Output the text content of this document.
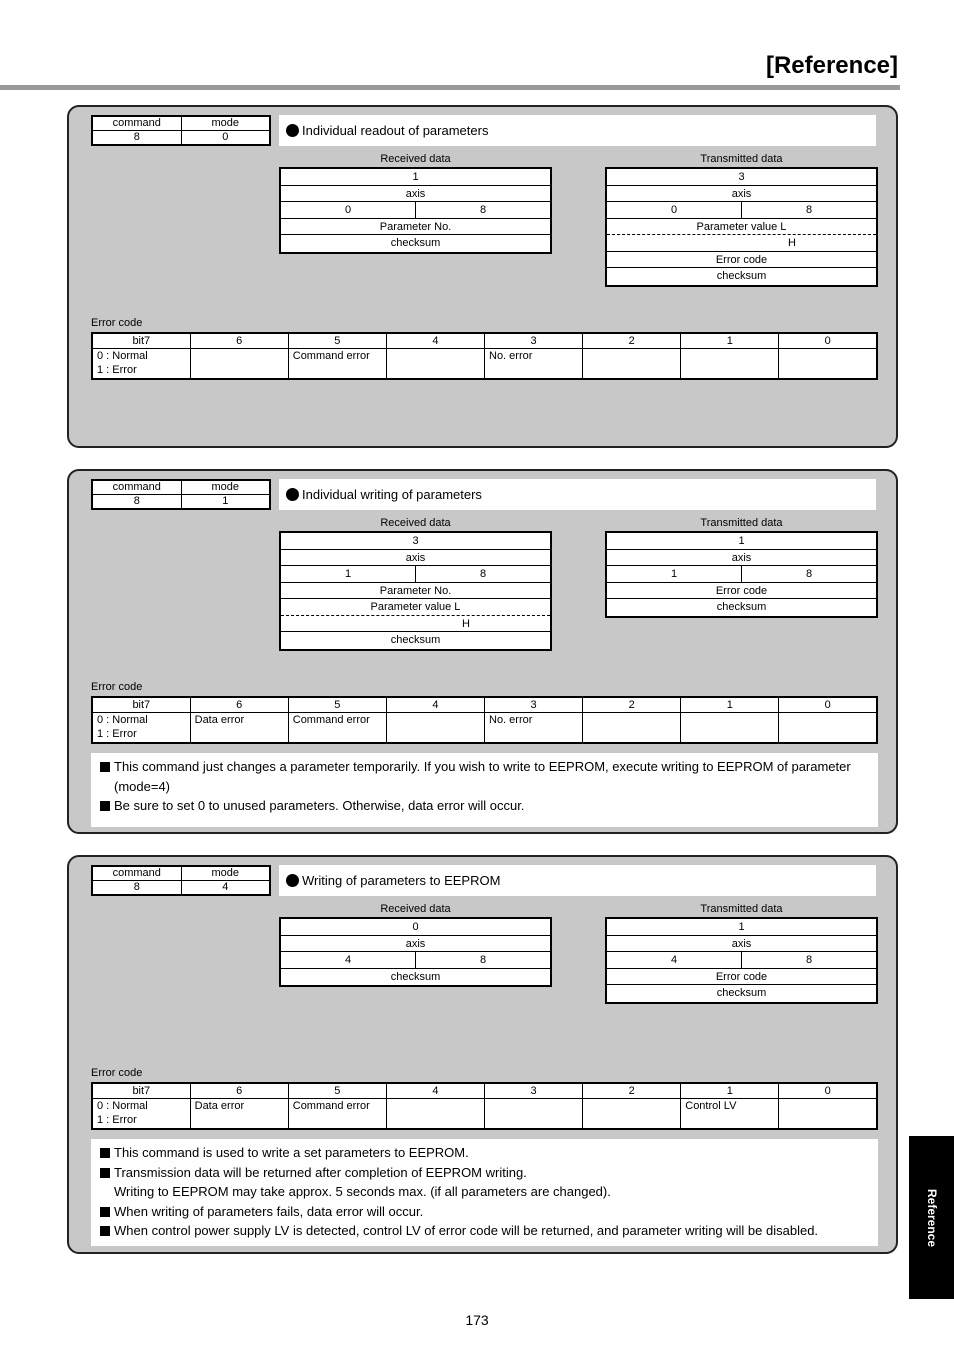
[Reference]
command	mode
8	0	Individual readout of parameters
Received data
1
axis
0	8
Parameter No.
checksum
Transmitted data
3
axis
0	8
Parameter value L
H
Error code
checksum
Error code
bit7	6	5	4	3	2	1	0
0 : Normal
1 : Error		Command error		No. error			
command	mode
8	1	Individual writing of parameters
Received data
3
axis
1	8
Parameter No.
Parameter value L
H
checksum
Transmitted data
1
axis
1	8
Error code
checksum
Error code
bit7	6	5	4	3	2	1	0
0 : Normal
1 : Error	Data error	Command error		No. error			
This command just changes a parameter temporarily. If you wish to write to EEPROM, execute writing to EEPROM of parameter (mode=4)
Be sure to set 0 to unused parameters. Otherwise, data error will occur.
command	mode
8	4	Writing of parameters to EEPROM
Received data
0
axis
4	8
checksum
Transmitted data
1
axis
4	8
Error code
checksum
Error code
bit7	6	5	4	3	2	1	0
0 : Normal
1 : Error	Data error	Command error				Control LV	
This command is used to write a set parameters to EEPROM.
Transmission data will be returned after completion of EEPROM writing.
Writing to EEPROM may take approx. 5 seconds max. (if all parameters are changed).
When writing of parameters fails, data error will occur.
When control power supply LV is detected, control LV of error code will be returned, and parameter writing will be disabled.	Reference
173
